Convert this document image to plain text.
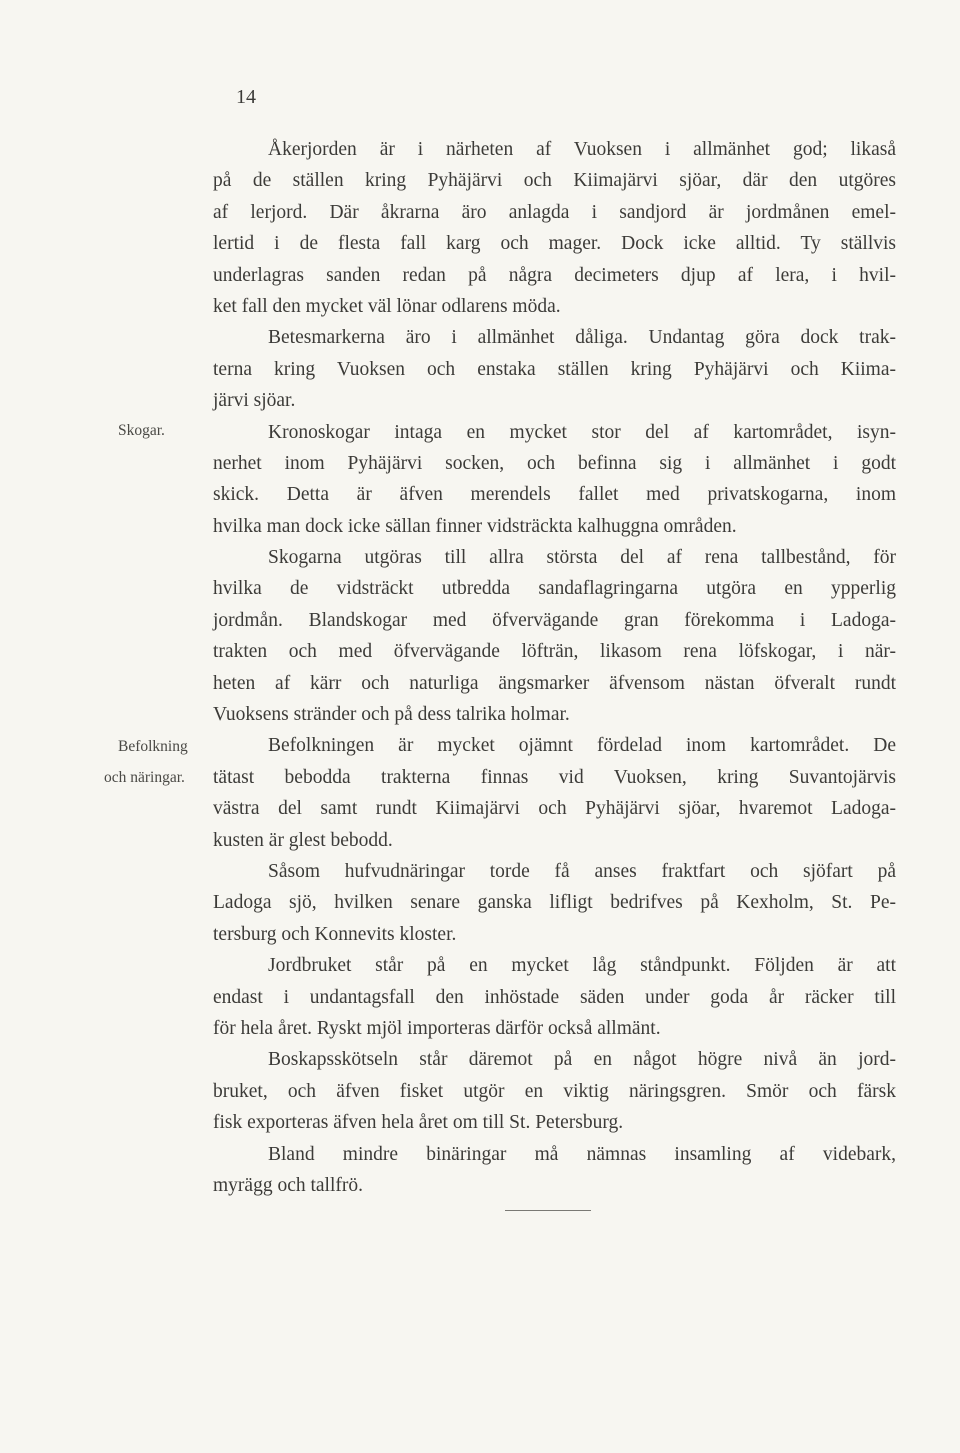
14
Skogar.
Befolkning
och näringar.
Åkerjorden är i närheten af Vuoksen i allmänhet god; likaså
på de ställen kring Pyhäjärvi och Kiimajärvi sjöar, där den utgöres
af lerjord. Där åkrarna äro anlagda i sandjord är jordmånen emel-
lertid i de flesta fall karg och mager. Dock icke alltid. Ty ställvis
underlagras sanden redan på några decimeters djup af lera, i hvil-
ket fall den mycket väl lönar odlarens möda.
Betesmarkerna äro i allmänhet dåliga. Undantag göra dock trak-
terna kring Vuoksen och enstaka ställen kring Pyhäjärvi och Kiima-
järvi sjöar.
Kronoskogar intaga en mycket stor del af kartområdet, isyn-
nerhet inom Pyhäjärvi socken, och befinna sig i allmänhet i godt
skick. Detta är äfven merendels fallet med privatskogarna, inom
hvilka man dock icke sällan finner vidsträckta kalhuggna områden.
Skogarna utgöras till allra största del af rena tallbestånd, för
hvilka de vidsträckt utbredda sandaflagringarna utgöra en ypperlig
jordmån. Blandskogar med öfvervägande gran förekomma i Ladoga-
trakten och med öfvervägande löfträn, likasom rena löfskogar, i när-
heten af kärr och naturliga ängsmarker äfvensom nästan öfveralt rundt
Vuoksens stränder och på dess talrika holmar.
Befolkningen är mycket ojämnt fördelad inom kartområdet. De
tätast bebodda trakterna finnas vid Vuoksen, kring Suvantojärvis
västra del samt rundt Kiimajärvi och Pyhäjärvi sjöar, hvaremot Ladoga-
kusten är glest bebodd.
Såsom hufvudnäringar torde få anses fraktfart och sjöfart på
Ladoga sjö, hvilken senare ganska lifligt bedrifves på Kexholm, St. Pe-
tersburg och Konnevits kloster.
Jordbruket står på en mycket låg ståndpunkt. Följden är att
endast i undantagsfall den inhöstade säden under goda år räcker till
för hela året. Ryskt mjöl importeras därför också allmänt.
Boskapsskötseln står däremot på en något högre nivå än jord-
bruket, och äfven fisket utgör en viktig näringsgren. Smör och färsk
fisk exporteras äfven hela året om till St. Petersburg.
Bland mindre binäringar må nämnas insamling af videbark,
myrägg och tallfrö.
